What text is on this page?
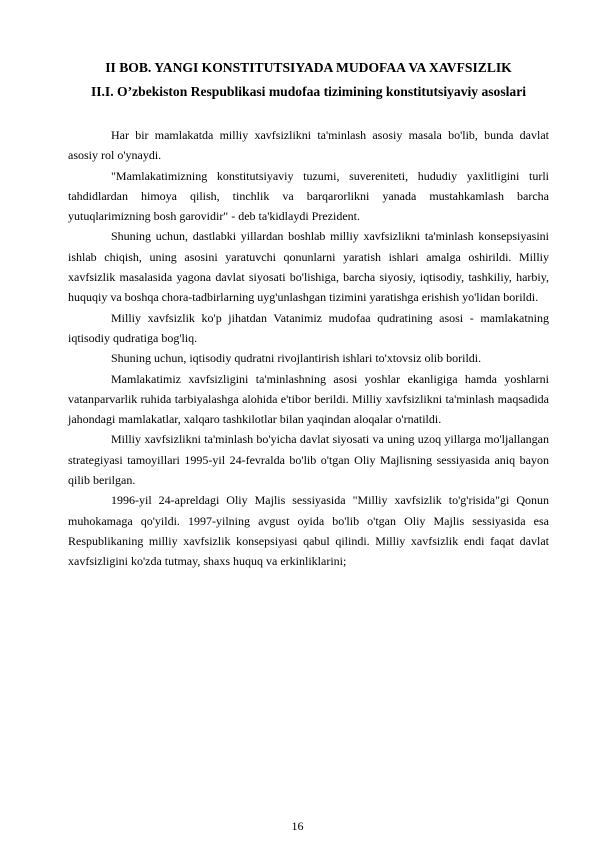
II BOB. YANGI KONSTITUTSIYADA MUDOFAA VA XAVFSIZLIK
II.I. O’zbekiston Respublikasi mudofaa tizimining konstitutsiyaviy asoslari

Har bir mamlakatda milliy xavfsizlikni ta'minlash asosiy masala bo'lib, bunda davlat asosiy rol o'ynaydi.

"Mamlakatimizning konstitutsiyaviy tuzumi, suvereniteti, hududiy yaxlitligini turli tahdidlardan himoya qilish, tinchlik va barqarorlikni yanada mustahkamlash barcha yutuqlarimizning bosh garovidir" - deb ta'kidlaydi Prezident.

Shuning uchun, dastlabki yillardan boshlab milliy xavfsizlikni ta'minlash konsepsiyasini ishlab chiqish, uning asosini yaratuvchi qonunlarni yaratish ishlari amalga oshirildi. Milliy xavfsizlik masalasida yagona davlat siyosati bo'lishiga, barcha siyosiy, iqtisodiy, tashkiliy, harbiy, huquqiy va boshqa chora-tadbirlarning uyg'unlashgan tizimini yaratishga erishish yo'lidan borildi.

Milliy xavfsizlik ko'p jihatdan Vatanimiz mudofaa qudratining asosi - mamlakatning iqtisodiy qudratiga bog'liq.

Shuning uchun, iqtisodiy qudratni rivojlantirish ishlari to'xtovsiz olib borildi.

Mamlakatimiz xavfsizligini ta'minlashning asosi yoshlar ekanligiga hamda yoshlarni vatanparvarlik ruhida tarbiyalashga alohida e'tibor berildi. Milliy xavfsizlikni ta'minlash maqsadida jahondagi mamlakatlar, xalqaro tashkilotlar bilan yaqindan aloqalar o'rnatildi.

Milliy xavfsizlikni ta'minlash bo'yicha davlat siyosati va uning uzoq yillarga mo'ljallangan strategiyasi tamoyillari 1995-yil 24-fevralda bo'lib o'tgan Oliy Majlisning sessiyasida aniq bayon qilib berilgan.

1996-yil 24-apreldagi Oliy Majlis sessiyasida "Milliy xavfsizlik to'g'risida"gi Qonun muhokamaga qo'yildi. 1997-yilning avgust oyida bo'lib o'tgan Oliy Majlis sessiyasida esa Respublikaning milliy xavfsizlik konsepsiyasi qabul qilindi. Milliy xavfsizlik endi faqat davlat xavfsizligini ko'zda tutmay, shaxs huquq va erkinliklarini;

16
